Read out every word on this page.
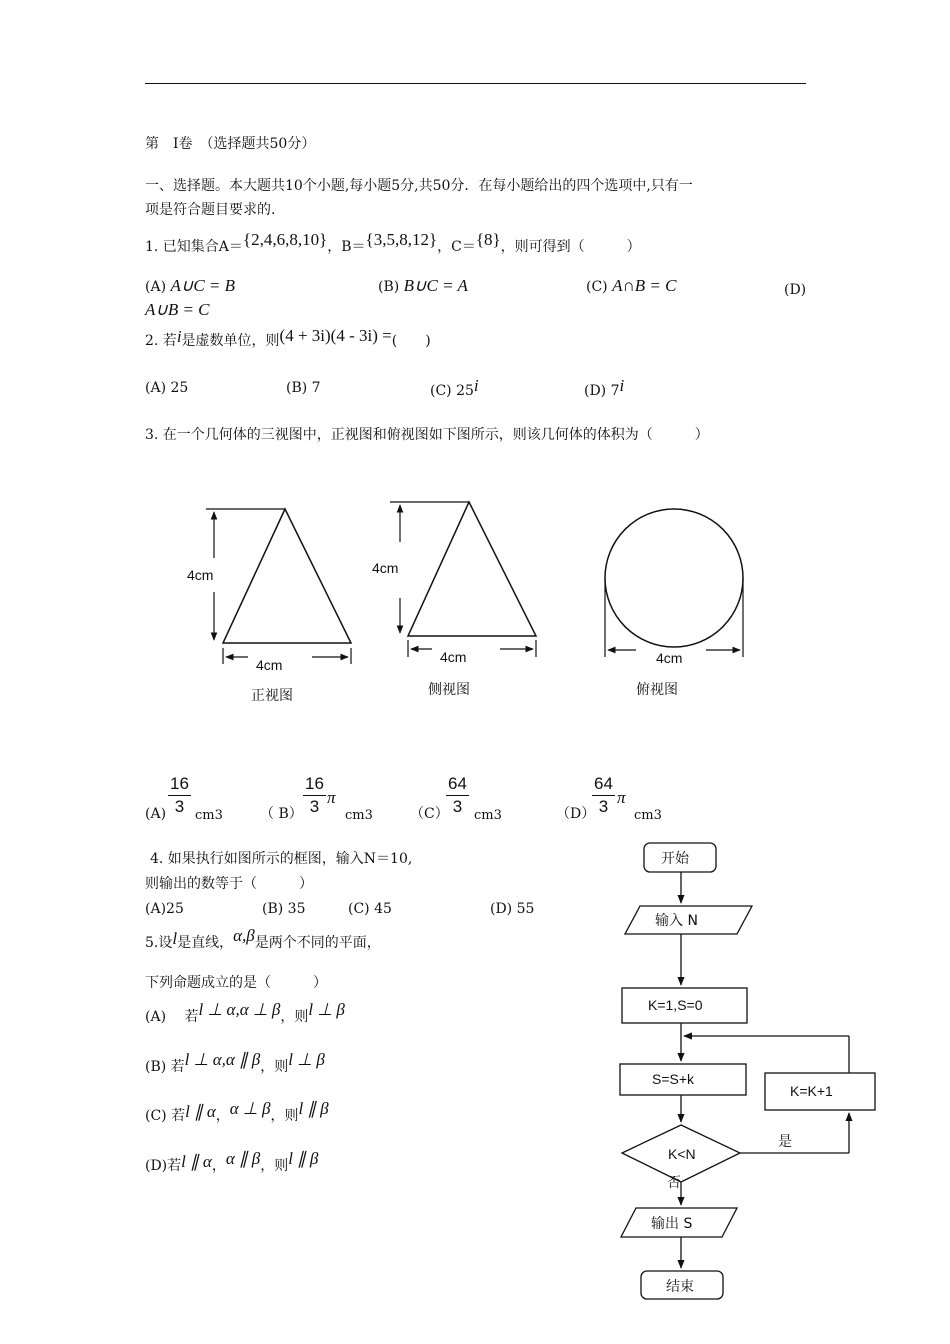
第　Ⅰ卷　（选择题共50分）
一、选择题。本大题共10个小题,每小题5分,共50分．在每小题给出的四个选项中,只有一
项是符合题目要求的.
1. 已知集合A＝{2,4,6,8,10}，B＝{3,5,8,12}，C＝{8}，则可得到（　　　）
(A) A∪C = B	(B) B∪C = A	(C) A∩B = C	(D)
A∪B = C
2. 若i是虚数单位，则(4 + 3i)(4 - 3i) =(　　)
(A) 25	(B) 7	(C) 25i	(D) 7i
3. 在一个几何体的三视图中，正视图和俯视图如下图所示，则该几何体的体积为（　　　）
4cm
4cm
4cm
4cm	4cm
正视图	侧视图	俯视图
开始
输入 N
K=1,S=0
S=S+k
K=K+1
K<N
是
否
输出 S
结束
(A)
16
3 cm3	（ B）
16
3 π
cm3	（C）
64
3 cm3	（D）
64
3 π
cm3
4. 如果执行如图所示的框图，输入N＝10,
则输出的数等于（　　　）
(A)25	(B) 35	(C) 45	(D) 55
5.设l是直线，α,β是两个不同的平面，
下列命题成立的是（　　　）
(A)　 若l ⊥ α,α ⊥ β，则l ⊥ β
(B) 若l ⊥ α,α ∥ β，则l ⊥ β
(C) 若l ∥ α，α ⊥ β，则l ∥ β
(D)若l ∥ α，α ∥ β，则l ∥ β
